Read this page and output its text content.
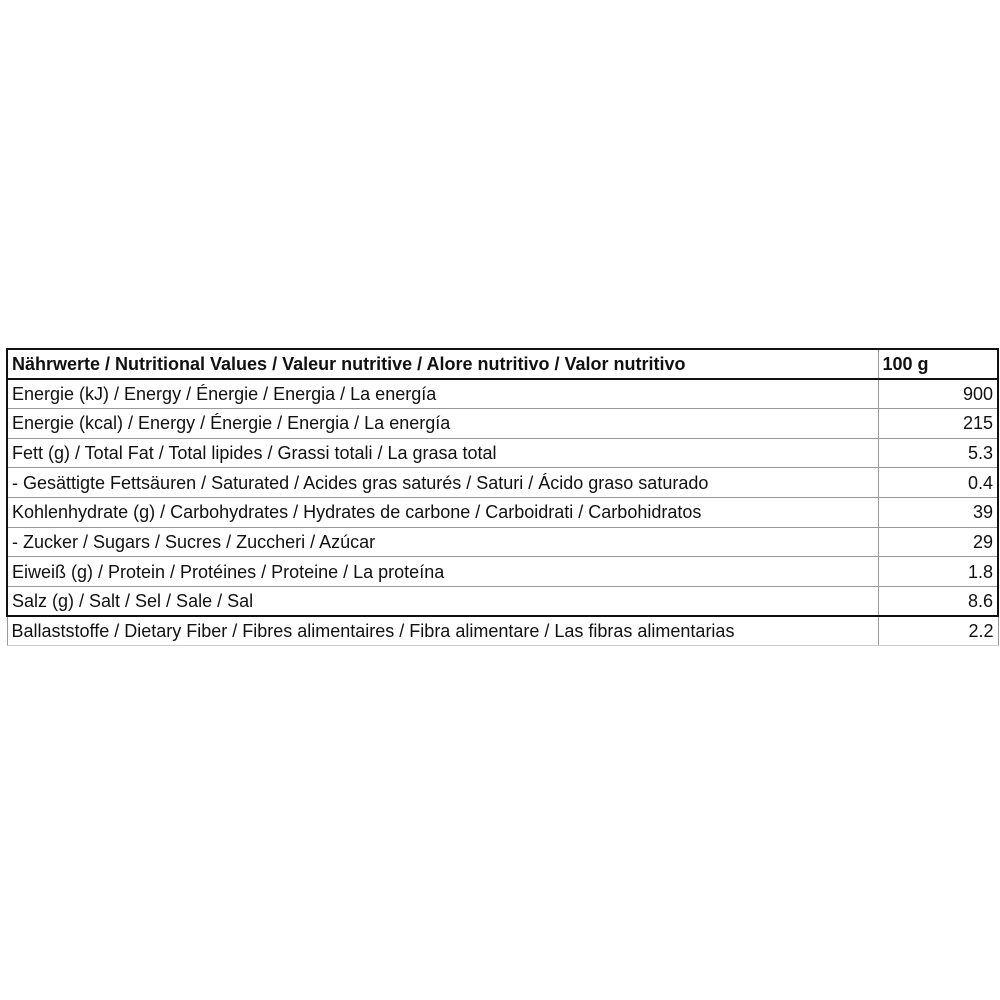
Nährwerte / Nutritional Values / Valeur nutritive / Alore nutritivo / Valor nutritivo	100 g
Energie (kJ) / Energy / Énergie / Energia / La energía	900
Energie (kcal) / Energy / Énergie / Energia / La energía	215
Fett (g) / Total Fat / Total lipides / Grassi totali / La grasa total	5.3
- Gesättigte Fettsäuren / Saturated / Acides gras saturés / Saturi / Ácido graso saturado	0.4
Kohlenhydrate (g) / Carbohydrates / Hydrates de carbone / Carboidrati / Carbohidratos	39
- Zucker / Sugars / Sucres / Zuccheri / Azúcar	29
Eiweiß (g) / Protein / Protéines / Proteine / La proteína	1.8
Salz (g) / Salt / Sel / Sale / Sal	8.6
Ballaststoffe / Dietary Fiber / Fibres alimentaires / Fibra alimentare / Las fibras alimentarias	2.2
